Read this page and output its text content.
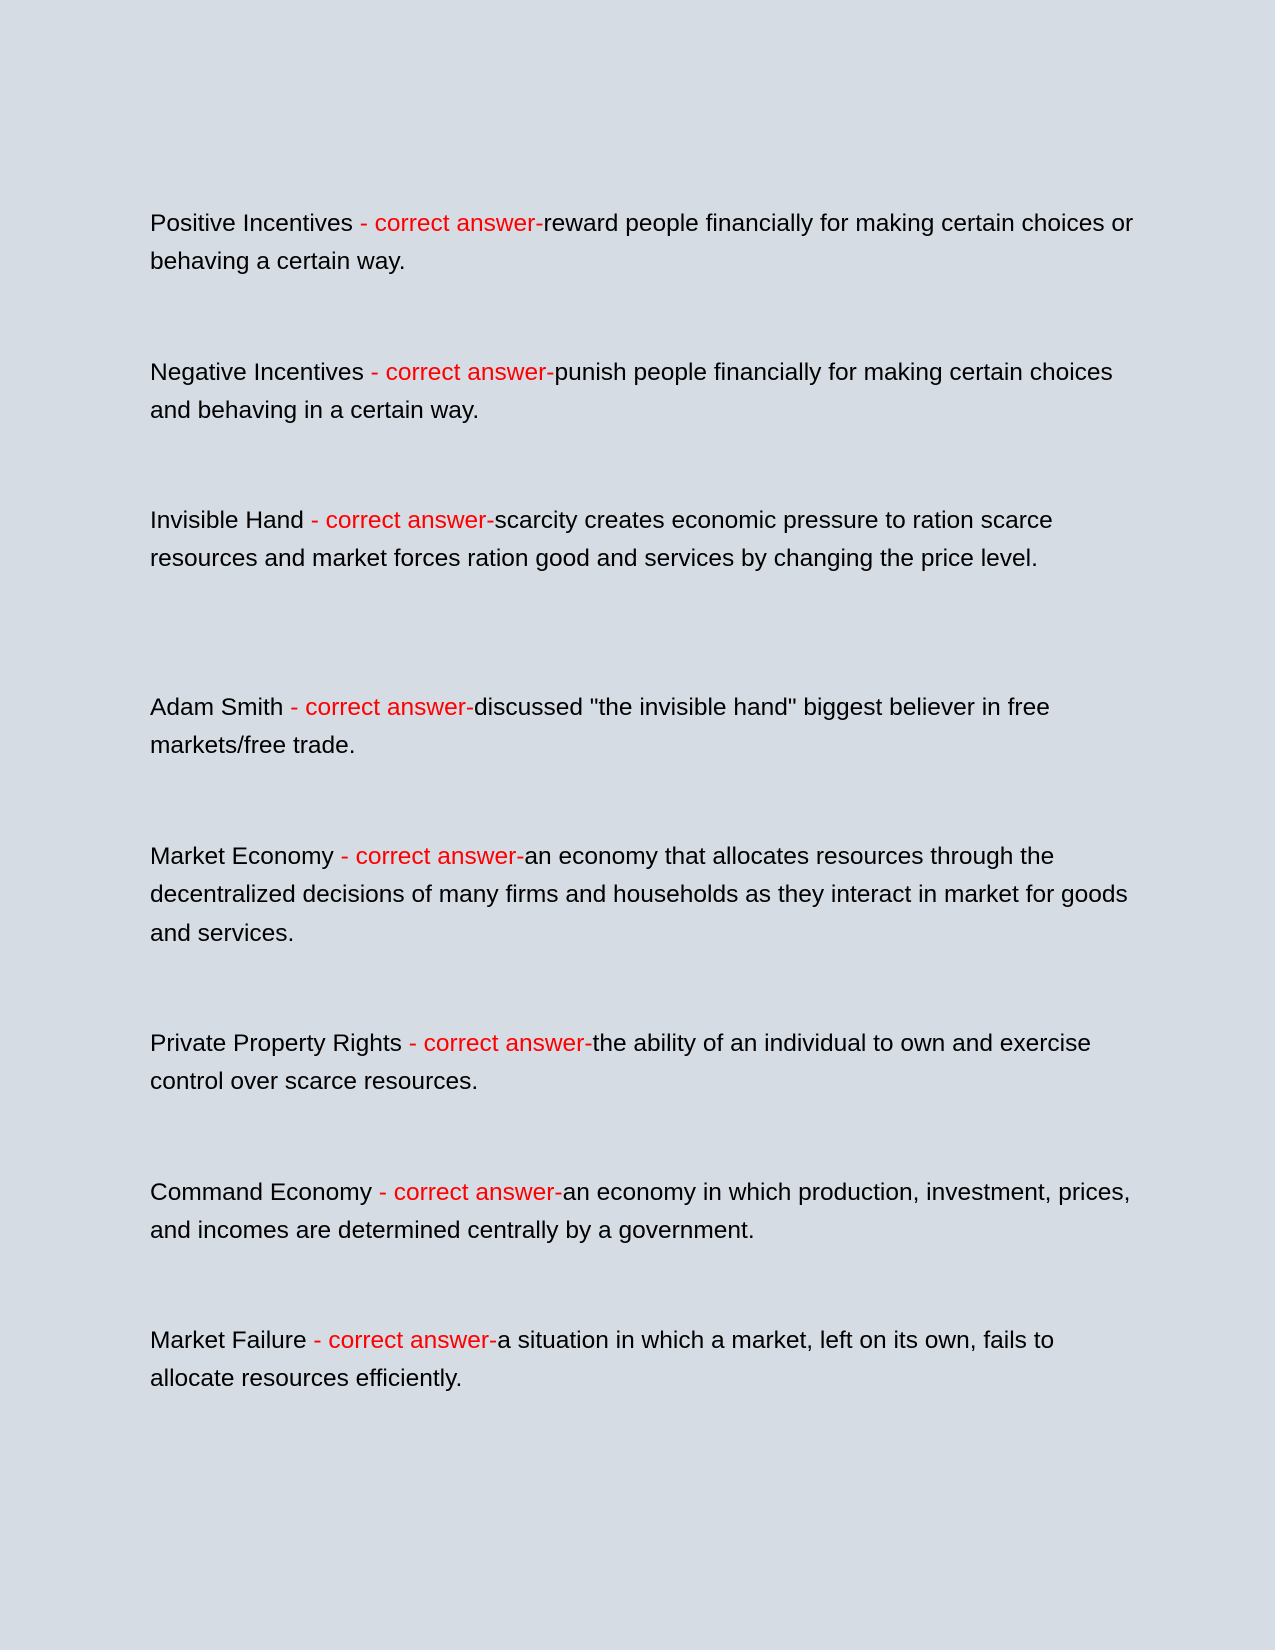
Positive Incentives - correct answer-reward people financially for making certain choices or behaving a certain way.

Negative Incentives - correct answer-punish people financially for making certain choices and behaving in a certain way.

Invisible Hand - correct answer-scarcity creates economic pressure to ration scarce resources and market forces ration good and services by changing the price level.

Adam Smith - correct answer-discussed "the invisible hand" biggest believer in free markets/free trade.

Market Economy - correct answer-an economy that allocates resources through the decentralized decisions of many firms and households as they interact in market for goods and services.

Private Property Rights - correct answer-the ability of an individual to own and exercise control over scarce resources.

Command Economy - correct answer-an economy in which production, investment, prices, and incomes are determined centrally by a government.

Market Failure - correct answer-a situation in which a market, left on its own, fails to allocate resources efficiently.
